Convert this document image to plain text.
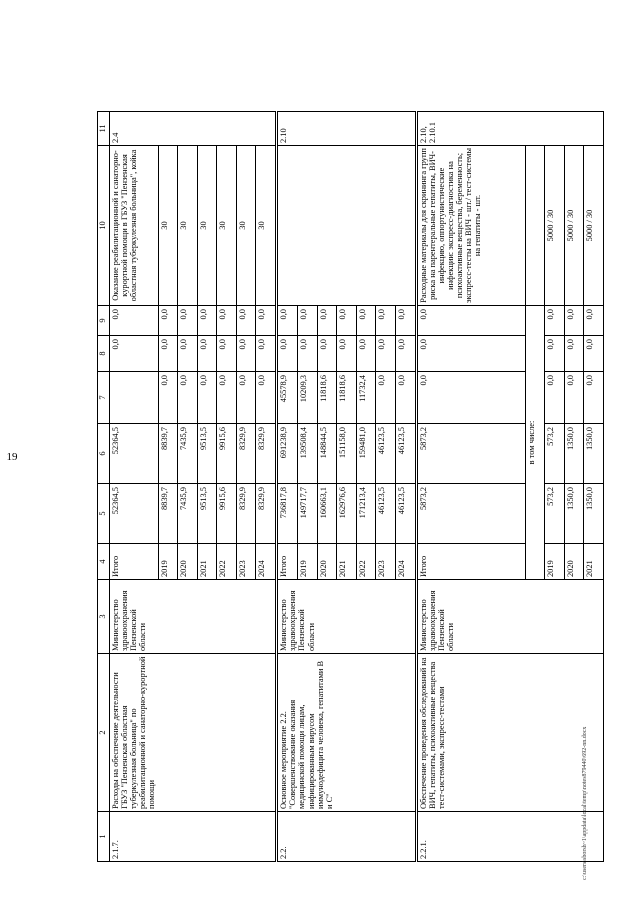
19
1	2	3	4	5	6	7	8	9	10	11
2.1.7.	Расходы на обеспечение деятельности ГБУЗ "Пензенская областная туберкулезная больница" по реабилитационной и санаторно-курортной помощи	Министерство здравоохранения Пензенской области	Итого	52364,5	52364,5		0,0	0,0	Оказание реабилитационной и санаторно-курортной помощи в ГБУЗ "Пензенская областная туберкулезная больница", койка	2.4
			2019	8839,7	8839,7	0,0	0,0	0,0	30	
			2020	7435,9	7435,9	0,0	0,0	0,0	30	
			2021	9513,5	9513,5	0,0	0,0	0,0	30	
			2022	9915,6	9915,6	0,0	0,0	0,0	30	
			2023	8329,9	8329,9	0,0	0,0	0,0	30	
			2024	8329,9	8329,9	0,0	0,0	0,0	30	
2.2.	Основное мероприятие 2.2. "Совершенствование оказания медицинской помощи лицам, инфицированным вирусом иммунодефицита человека, гепатитами В и С"	Министерство здравоохранения Пензенской области	Итого	736817,8	691238,9	45578,9	0,0	0,0		2.10
			2019	149717,7	139508,4	10209,3	0,0	0,0		
			2020	160663,1	148844,5	11818,6	0,0	0,0		
			2021	162976,6	151158,0	11818,6	0,0	0,0		
			2022	171213,4	159481,0	11732,4	0,0	0,0		
			2023	46123,5	46123,5	0,0	0,0	0,0		
			2024	46123,5	46123,5	0,0	0,0	0,0		
2.2.1.	Обеспечение проведения обследований на ВИЧ, гепатиты, психоактивные вещества тест-системами, экспресс-тестами	Министерство здравоохранения Пензенской области	Итого	5873,2	5873,2	0,0	0,0	0,0	Расходные материалы для скрининга групп риска на парентеральные гепатиты, ВИЧ-инфекцию, оппортунистические инфекции: экспресс-диагностика на психоактивные вещества, беременность; экспресс-тесты на ВИЧ - шт./ тест-системы на гепатиты - шт.	2.10, 2.10.1
			в том числе:							
			2019	573,2	573,2	0,0	0,0	0,0	5000 / 30	
			2020	1350,0	1350,0	0,0	0,0	0,0	5000 / 30	
			2021	1350,0	1350,0	0,0	0,0	0,0	5000 / 30	
c:\users\sborsh~1\appdata\local\temp\notes879440\692-nn.docx
